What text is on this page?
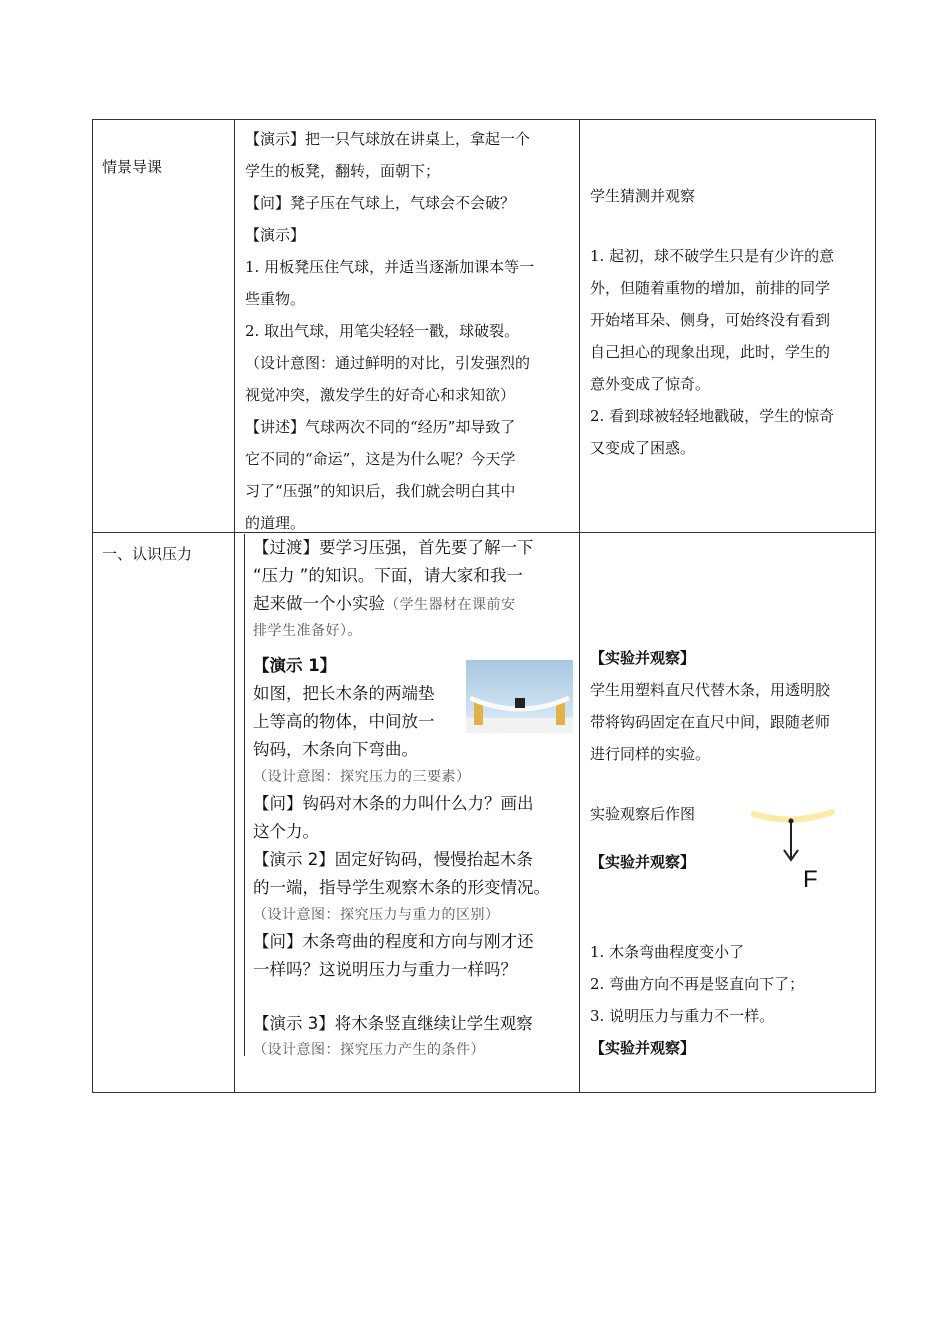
情景导课

【演示】把一只气球放在讲桌上，拿起一个

学生的板凳，翻转，面朝下；

【问】凳子压在气球上，气球会不会破？

【演示】

1. 用板凳压住气球，并适当逐渐加课本等一

些重物。

2. 取出气球，用笔尖轻轻一戳，球破裂。

（设计意图：通过鲜明的对比，引发强烈的

视觉冲突，激发学生的好奇心和求知欲）

【讲述】气球两次不同的“经历”却导致了

它不同的“命运”，这是为什么呢？今天学

习了“压强”的知识后，我们就会明白其中

的道理。

学生猜测并观察

1. 起初，球不破学生只是有少许的意

外，但随着重物的增加，前排的同学

开始堵耳朵、侧身，可始终没有看到

自己担心的现象出现，此时，学生的

意外变成了惊奇。

2. 看到球被轻轻地戳破，学生的惊奇

又变成了困惑。

一、认识压力	【过渡】要学习压强，首先要了解一下

“压力 ”的知识。下面，请大家和我一

起来做一个小实验（学生器材在课前安

排学生准备好）。

【演示 1】

如图，把长木条的两端垫

上等高的物体，中间放一

钩码，木条向下弯曲。

（设计意图：探究压力的三要素）

【问】钩码对木条的力叫什么力？画出

这个力。

【演示 2】固定好钩码，慢慢抬起木条

的一端，指导学生观察木条的形变情况。

（设计意图：探究压力与重力的区别）

【问】木条弯曲的程度和方向与刚才还

一样吗？这说明压力与重力一样吗？

【演示 3】将木条竖直继续让学生观察

（设计意图：探究压力产生的条件）

【实验并观察】

学生用塑料直尺代替木条，用透明胶

带将钩码固定在直尺中间，跟随老师

进行同样的实验。

实验观察后作图

【实验并观察】

1. 木条弯曲程度变小了

2. 弯曲方向不再是竖直向下了；

3. 说明压力与重力不一样。

【实验并观察】

F
